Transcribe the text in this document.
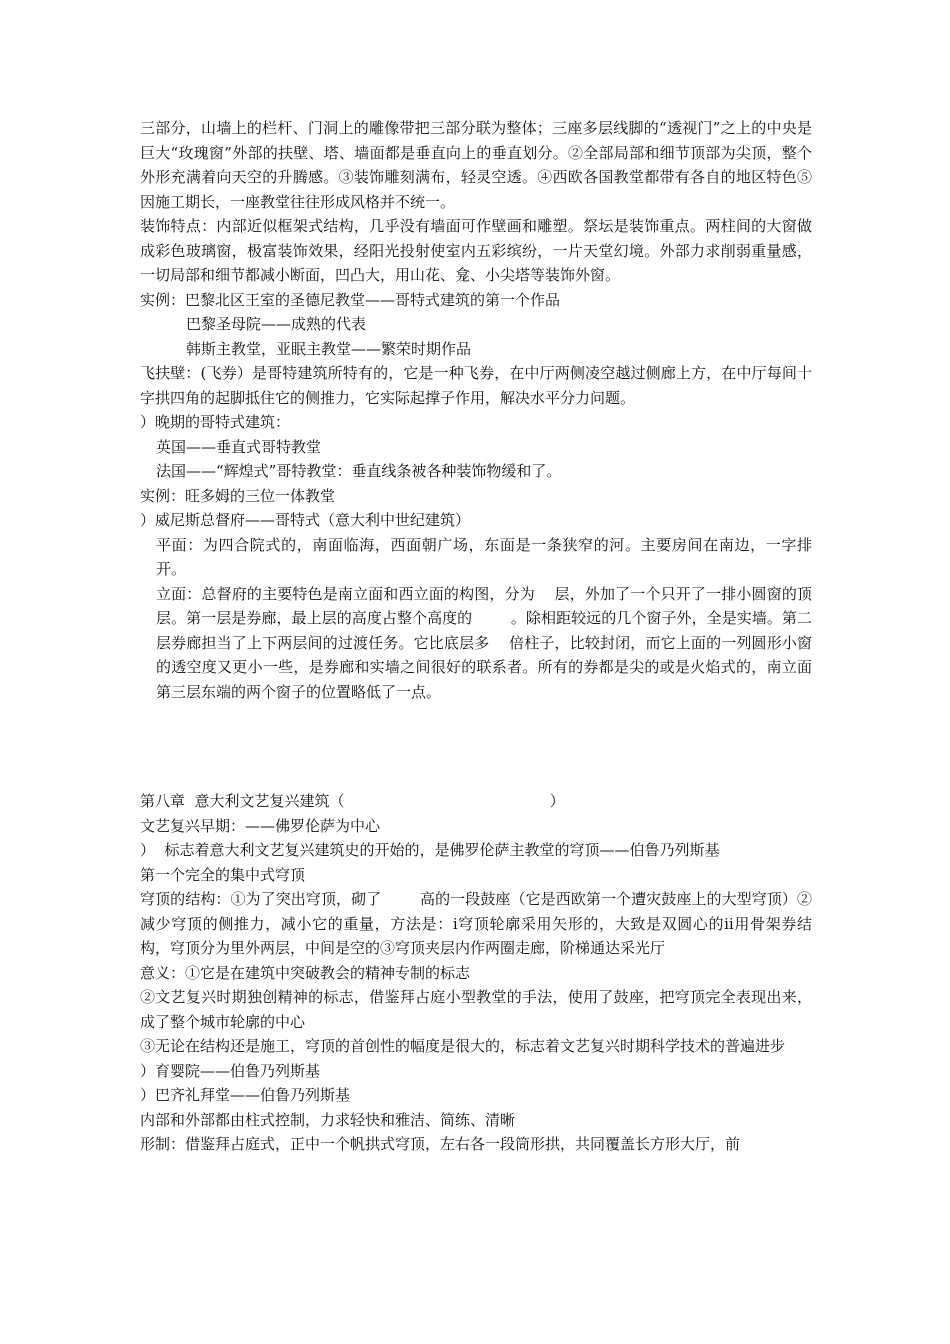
三部分，山墙上的栏杆、门洞上的雕像带把三部分联为整体；三座多层线脚的“透视门”之上的中央是巨大“玫瑰窗”外部的扶壁、塔、墙面都是垂直向上的垂直划分。②全部局部和细节顶部为尖顶，整个外形充满着向天空的升腾感。③装饰雕刻满布，轻灵空透。④西欧各国教堂都带有各自的地区特色⑤因施工期长，一座教堂往往形成风格并不统一。

装饰特点：内部近似框架式结构，几乎没有墙面可作壁画和雕塑。祭坛是装饰重点。两柱间的大窗做成彩色玻璃窗，极富装饰效果，经阳光投射使室内五彩缤纷，一片天堂幻境。外部力求削弱重量感，一切局部和细节都减小断面，凹凸大，用山花、龛、小尖塔等装饰外窗。

实例：巴黎北区王室的圣德尼教堂——哥特式建筑的第一个作品

巴黎圣母院——成熟的代表

韩斯主教堂，亚眠主教堂——繁荣时期作品

飞扶壁：(飞券）是哥特建筑所特有的，它是一种飞券，在中厅两侧凌空越过侧廊上方，在中厅每间十字拱四角的起脚抵住它的侧推力，它实际起撑子作用，解决水平分力问题。

）晚期的哥特式建筑：

英国——垂直式哥特教堂

法国——“辉煌式”哥特教堂：垂直线条被各种装饰物缓和了。

实例：旺多姆的三位一体教堂

）威尼斯总督府——哥特式（意大利中世纪建筑）

平面：为四合院式的，南面临海，西面朝广场，东面是一条狭窄的河。主要房间在南边，一字排开。

立面：总督府的主要特色是南立面和西立面的构图，分为    层，外加了一个只开了一排小圆窗的顶层。第一层是券廊，最上层的高度占整个高度的        。除相距较远的几个窗子外，全是实墙。第二层券廊担当了上下两层间的过渡任务。它比底层多    倍柱子，比较封闭，而它上面的一列圆形小窗的透空度又更小一些，是券廊和实墙之间很好的联系者。所有的券都是尖的或是火焰式的，南立面第三层东端的两个窗子的位置略低了一点。

第八章  意大利文艺复兴建筑（                                           ）

文艺复兴早期：——佛罗伦萨为中心

）  标志着意大利文艺复兴建筑史的开始的，是佛罗伦萨主教堂的穹顶——伯鲁乃列斯基

第一个完全的集中式穹顶

穹顶的结构：①为了突出穹顶，砌了        高的一段鼓座（它是西欧第一个遭灾鼓座上的大型穹顶）②减少穹顶的侧推力，减小它的重量，方法是：ⅰ穹顶轮廓采用矢形的，大致是双圆心的ⅱ用骨架券结构，穹顶分为里外两层，中间是空的③穹顶夹层内作两圈走廊，阶梯通达采光厅

意义：①它是在建筑中突破教会的精神专制的标志

②文艺复兴时期独创精神的标志，借鉴拜占庭小型教堂的手法，使用了鼓座，把穹顶完全表现出来，成了整个城市轮廓的中心

③无论在结构还是施工，穹顶的首创性的幅度是很大的，标志着文艺复兴时期科学技术的普遍进步

）育婴院——伯鲁乃列斯基

）巴齐礼拜堂——伯鲁乃列斯基

内部和外部都由柱式控制，力求轻快和雅洁、简练、清晰

形制：借鉴拜占庭式，正中一个帆拱式穹顶，左右各一段筒形拱，共同覆盖长方形大厅，前
